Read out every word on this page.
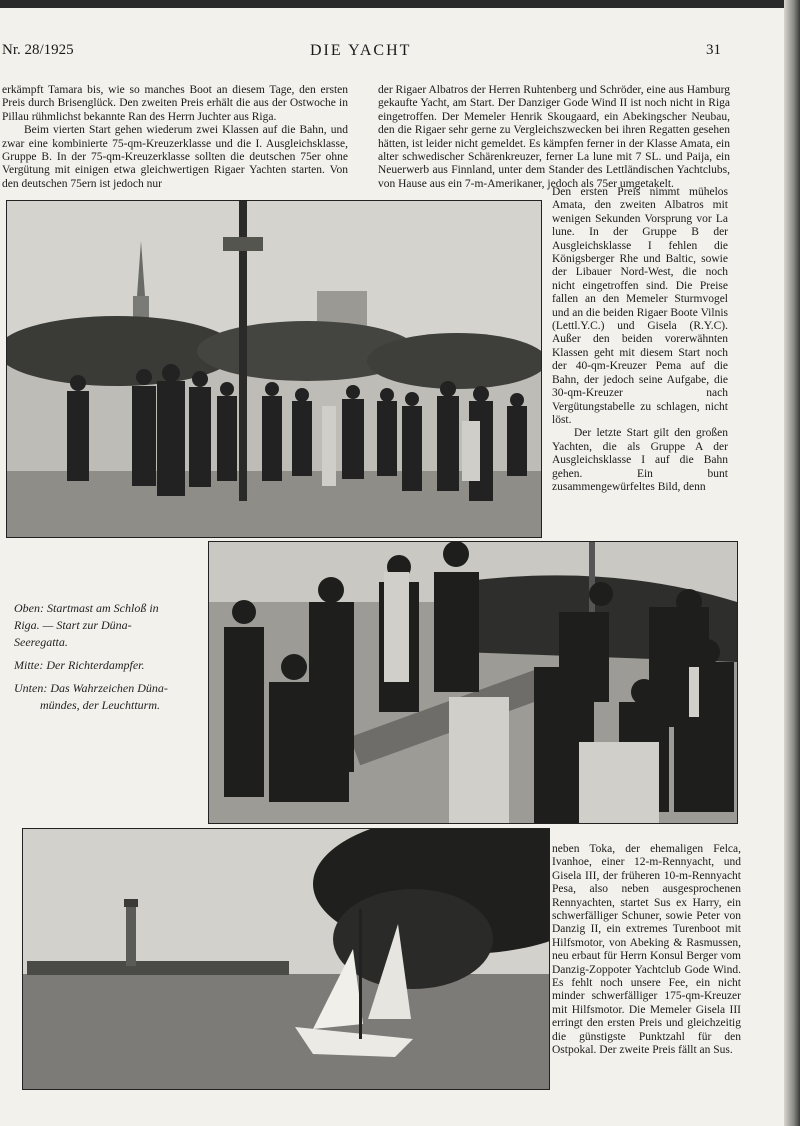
Nr. 28/1925	DIE YACHT	31

erkämpft Tamara bis, wie so manches Boot an diesem Tage, den ersten Preis durch Brisenglück. Den zweiten Preis erhält die aus der Ostwoche in Pillau rühmlichst bekannte Ran des Herrn Juchter aus Riga.

Beim vierten Start gehen wiederum zwei Klassen auf die Bahn, und zwar eine kombinierte 75-qm-Kreuzerklasse und die I. Ausgleichsklasse, Gruppe B. In der 75-qm-Kreuzerklasse sollten die deutschen 75er ohne Vergütung mit einigen etwa gleichwertigen Rigaer Yachten starten. Von den deutschen 75ern ist jedoch nur

der Rigaer Albatros der Herren Ruhtenberg und Schröder, eine aus Hamburg gekaufte Yacht, am Start. Der Danziger Gode Wind II ist noch nicht in Riga eingetroffen. Der Memeler Henrik Skougaard, ein Abekingscher Neubau, den die Rigaer sehr gerne zu Vergleichszwecken bei ihren Regatten gesehen hätten, ist leider nicht gemeldet. Es kämpfen ferner in der Klasse Amata, ein alter schwedischer Schärenkreuzer, ferner La lune mit 7 SL. und Paija, ein Neuerwerb aus Finnland, unter dem Stander des Lettländischen Yachtclubs, von Hause aus ein 7-m-Amerikaner, jedoch als 75er umgetakelt.

Den ersten Preis nimmt mühelos Amata, den zweiten Albatros mit wenigen Sekunden Vorsprung vor La lune. In der Gruppe B der Ausgleichsklasse I fehlen die Königsberger Rhe und Baltic, sowie der Libauer Nord-West, die noch nicht eingetroffen sind. Die Preise fallen an den Memeler Sturmvogel und an die beiden Rigaer Boote Vilnis (Lettl.Y.C.) und Gisela (R.Y.C). Außer den beiden vorerwähnten Klassen geht mit diesem Start noch der 40-qm-Kreuzer Pema auf die Bahn, der jedoch seine Aufgabe, die 30-qm-Kreuzer nach Vergütungstabelle zu schlagen, nicht löst.

Der letzte Start gilt den großen Yachten, die als Gruppe A der Ausgleichsklasse I auf die Bahn gehen. Ein bunt zusammengewürfeltes Bild, denn

neben Toka, der ehemaligen Felca, Ivanhoe, einer 12-m-Rennyacht, und Gisela III, der früheren 10-m-Rennyacht Pesa, also neben ausgesprochenen Rennyachten, startet Sus ex Harry, ein schwerfälliger Schuner, sowie Peter von Danzig II, ein extremes Turenboot mit Hilfsmotor, von Abeking & Rasmussen, neu erbaut für Herrn Konsul Berger vom Danzig-Zoppoter Yachtclub Gode Wind. Es fehlt noch unsere Fee, ein nicht minder schwerfälliger 175-qm-Kreuzer mit Hilfsmotor. Die Memeler Gisela III erringt den ersten Preis und gleichzeitig die günstigste Punktzahl für den Ostpokal. Der zweite Preis fällt an Sus.

Oben: Startmast am Schloß in
Riga. — Start zur Düna-
Seeregatta.

Mitte: Der Richterdampfer.

Unten: Das Wahrzeichen Düna-
mündes, der Leuchtturm.
